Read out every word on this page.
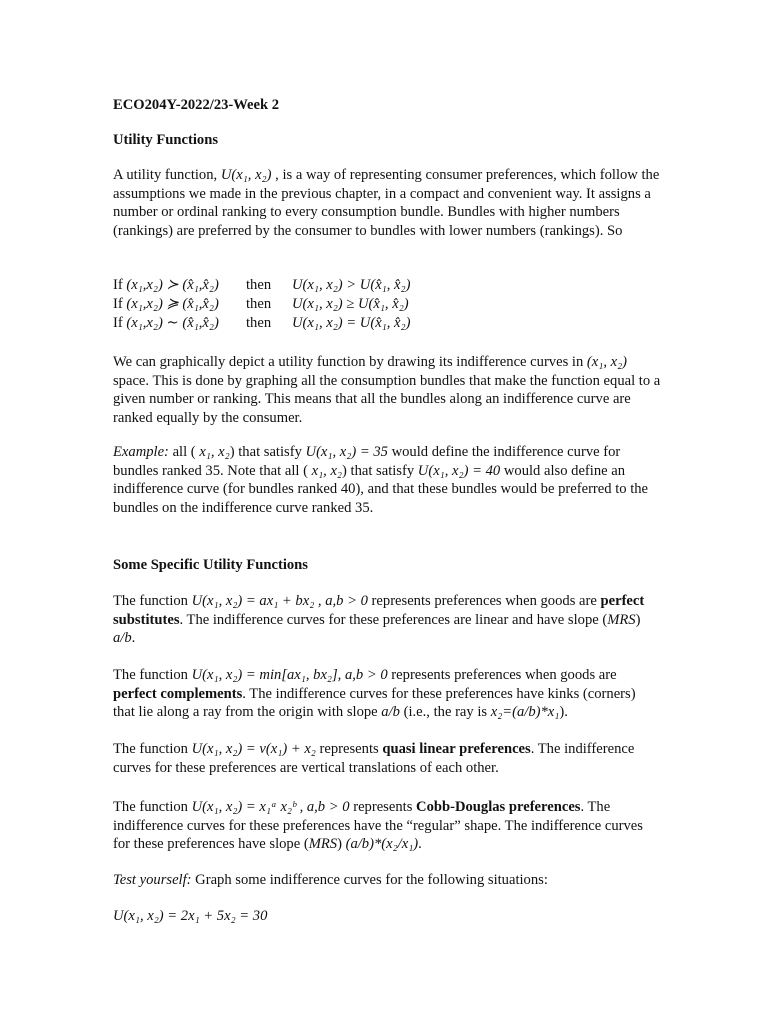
ECO204Y-2022/23-Week 2

Utility Functions

A utility function, U(x₁, x₂) , is a way of representing consumer preferences, which follow the assumptions we made in the previous chapter, in a compact and convenient way. It assigns a number or ordinal ranking to every consumption bundle. Bundles with higher numbers (rankings) are preferred by the consumer to bundles with lower numbers (rankings). So

If (x₁,x₂) ≻ (x̂₁,x̂₂)	then	U(x₁, x₂) > U(x̂₁, x̂₂)
If (x₁,x₂) ≽ (x̂₁,x̂₂)	then	U(x₁, x₂) ≥ U(x̂₁, x̂₂)
If (x₁,x₂) ∼ (x̂₁,x̂₂)	then	U(x₁, x₂) = U(x̂₁, x̂₂)

We can graphically depict a utility function by drawing its indifference curves in (x₁, x₂) space. This is done by graphing all the consumption bundles that make the function equal to a given number or ranking. This means that all the bundles along an indifference curve are ranked equally by the consumer.

Example: all ( x₁, x₂) that satisfy U(x₁, x₂) = 35 would define the indifference curve for bundles ranked 35. Note that all ( x₁, x₂) that satisfy U(x₁, x₂) = 40 would also define an indifference curve (for bundles ranked 40), and that these bundles would be preferred to the bundles on the indifference curve ranked 35.

Some Specific Utility Functions

The function U(x₁, x₂) = ax₁ + bx₂ , a,b > 0 represents preferences when goods are perfect substitutes. The indifference curves for these preferences are linear and have slope (MRS) a/b.

The function U(x₁, x₂) = min[ax₁, bx₂], a,b > 0 represents preferences when goods are perfect complements. The indifference curves for these preferences have kinks (corners) that lie along a ray from the origin with slope a/b (i.e., the ray is x₂=(a/b)*x₁).

The function U(x₁, x₂) = v(x₁) + x₂ represents quasi linear preferences. The indifference curves for these preferences are vertical translations of each other.

The function U(x₁, x₂) = x₁ᵃ x₂ᵇ , a,b > 0 represents Cobb-Douglas preferences. The indifference curves for these preferences have the “regular” shape. The indifference curves for these preferences have slope (MRS) (a/b)*(x₂/x₁).

Test yourself: Graph some indifference curves for the following situations:

U(x₁, x₂) = 2x₁ + 5x₂ = 30
